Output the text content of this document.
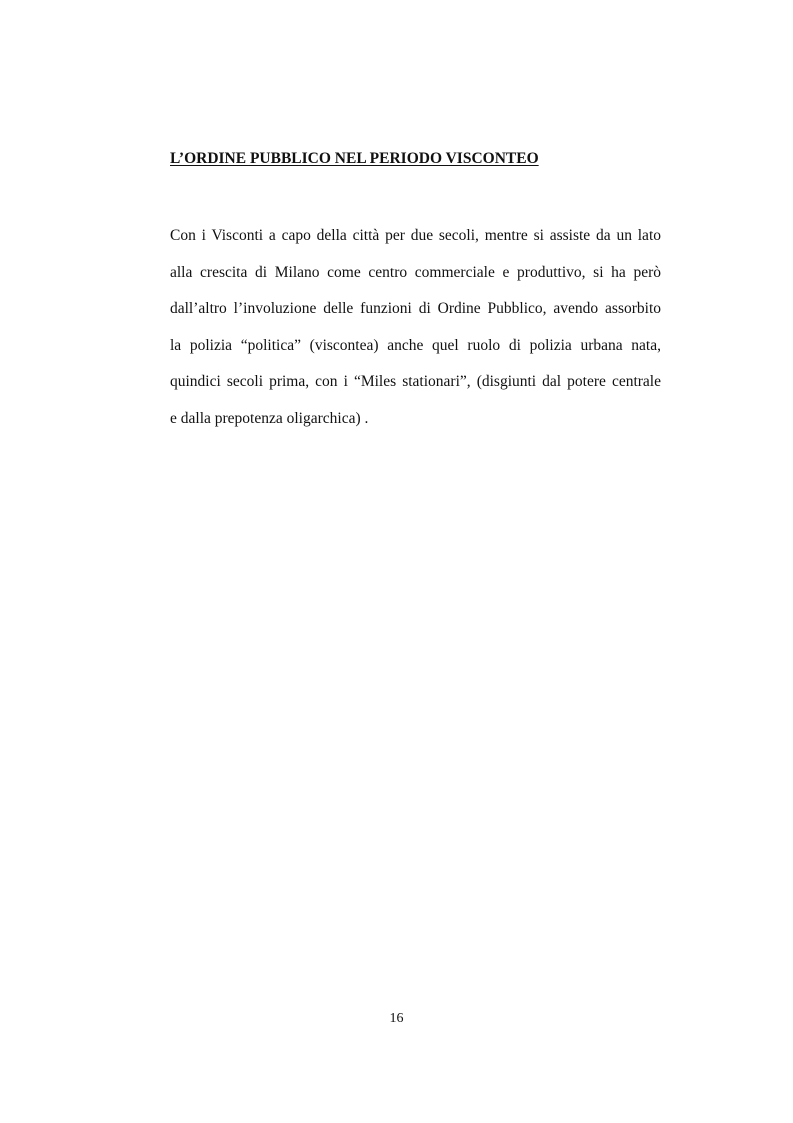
L’ORDINE PUBBLICO NEL PERIODO VISCONTEO
Con i Visconti a capo della città per due secoli, mentre si assiste da un lato
alla crescita di Milano come centro commerciale e produttivo, si ha però
dall’altro l’involuzione delle funzioni di Ordine Pubblico, avendo assorbito
la polizia “politica” (viscontea) anche quel ruolo di polizia urbana nata,
quindici secoli prima, con i “Miles stationari”, (disgiunti dal potere centrale
e dalla prepotenza oligarchica) .
16
